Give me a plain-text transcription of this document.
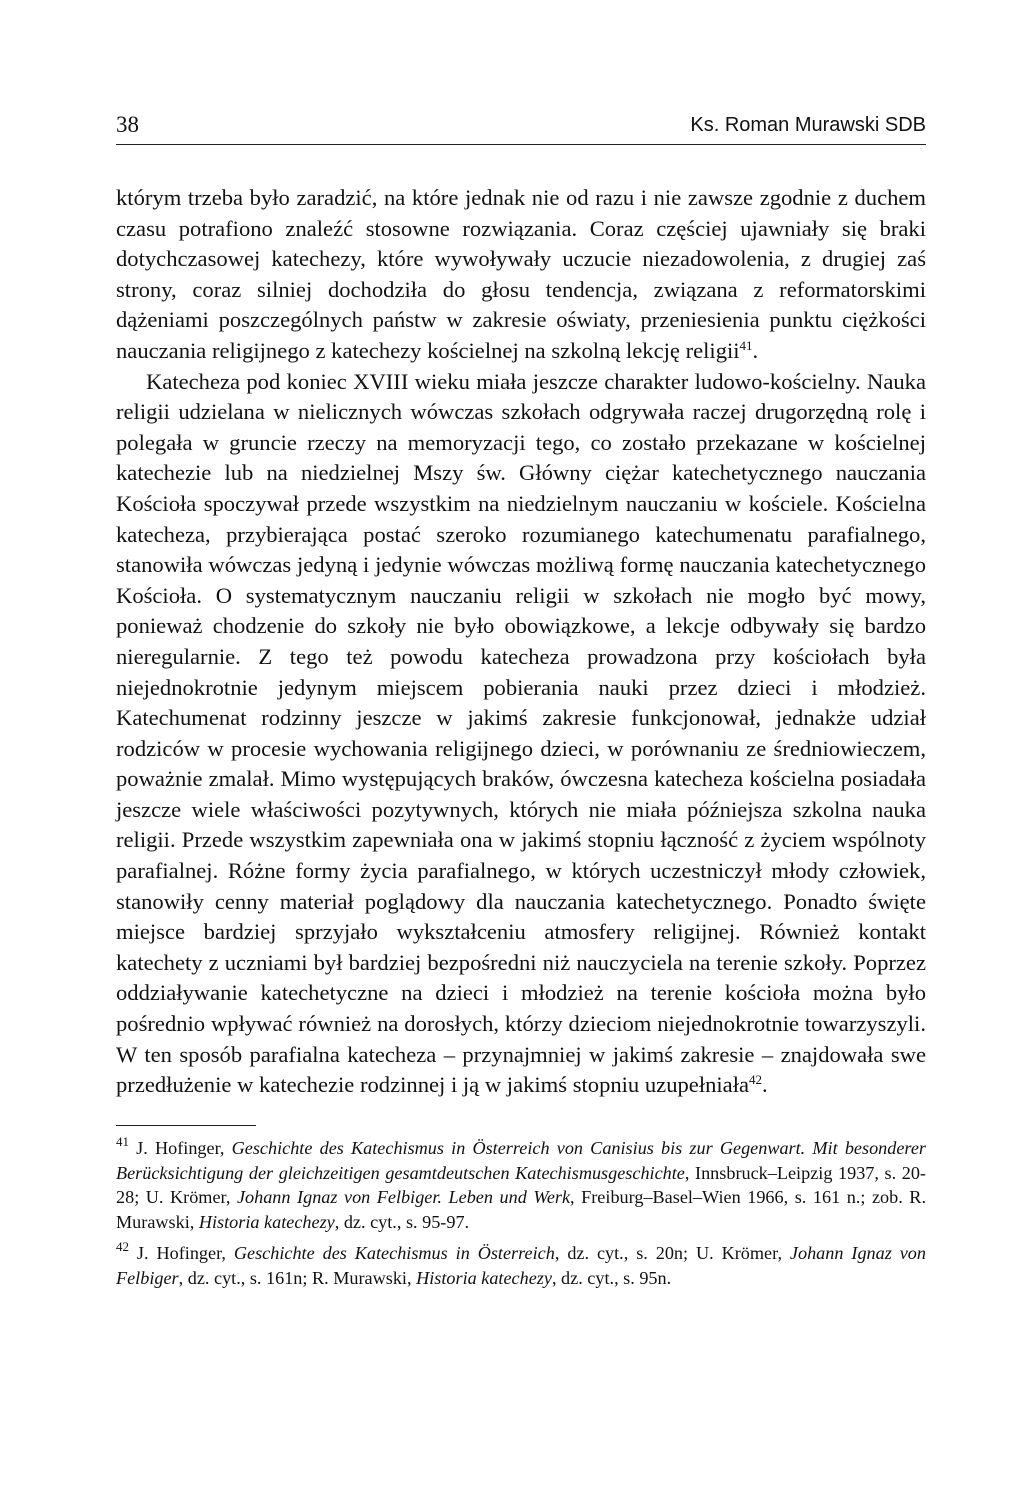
38	Ks. Roman Murawski SDB

którym trzeba było zaradzić, na które jednak nie od razu i nie zawsze zgodnie z duchem czasu potrafiono znaleźć stosowne rozwiązania. Coraz częściej ujawniały się braki dotychczasowej katechezy, które wywoływały uczucie niezadowolenia, z drugiej zaś strony, coraz silniej dochodziła do głosu tendencja, związana z reformatorskimi dążeniami poszczególnych państw w zakresie oświaty, przeniesienia punktu ciężkości nauczania religijnego z katechezy kościelnej na szkolną lekcję religii$^{41}$.

Katecheza pod koniec XVIII wieku miała jeszcze charakter ludowo-kościelny. Nauka religii udzielana w nielicznych wówczas szkołach odgrywała raczej drugorzędną rolę i polegała w gruncie rzeczy na memoryzacji tego, co zostało przekazane w kościelnej katechezie lub na niedzielnej Mszy św. Główny ciężar katechetycznego nauczania Kościoła spoczywał przede wszystkim na niedzielnym nauczaniu w kościele. Kościelna katecheza, przybierająca postać szeroko rozumianego katechumenatu parafialnego, stanowiła wówczas jedyną i jedynie wówczas możliwą formę nauczania katechetycznego Kościoła. O systematycznym nauczaniu religii w szkołach nie mogło być mowy, ponieważ chodzenie do szkoły nie było obowiązkowe, a lekcje odbywały się bardzo nieregularnie. Z tego też powodu katecheza prowadzona przy kościołach była niejednokrotnie jedynym miejscem pobierania nauki przez dzieci i młodzież. Katechumenat rodzinny jeszcze w jakimś zakresie funkcjonował, jednakże udział rodziców w procesie wychowania religijnego dzieci, w porównaniu ze średniowieczem, poważnie zmalał. Mimo występujących braków, ówczesna katecheza kościelna posiadała jeszcze wiele właściwości pozytywnych, których nie miała późniejsza szkolna nauka religii. Przede wszystkim zapewniała ona w jakimś stopniu łączność z życiem wspólnoty parafialnej. Różne formy życia parafialnego, w których uczestniczył młody człowiek, stanowiły cenny materiał poglądowy dla nauczania katechetycznego. Ponadto święte miejsce bardziej sprzyjało wykształceniu atmosfery religijnej. Również kontakt katechety z uczniami był bardziej bezpośredni niż nauczyciela na terenie szkoły. Poprzez oddziaływanie katechetyczne na dzieci i młodzież na terenie kościoła można było pośrednio wpływać również na dorosłych, którzy dzieciom niejednokrotnie towarzyszyli. W ten sposób parafialna katecheza – przynajmniej w jakimś zakresie – znajdowała swe przedłużenie w katechezie rodzinnej i ją w jakimś stopniu uzupełniała$^{42}$.

$^{41}$ J. Hofinger, Geschichte des Katechismus in Österreich von Canisius bis zur Gegenwart. Mit besonderer Berücksichtigung der gleichzeitigen gesamtdeutschen Katechismusgeschichte, Innsbruck–Leipzig 1937, s. 20-28; U. Krömer, Johann Ignaz von Felbiger. Leben und Werk, Freiburg–Basel–Wien 1966, s. 161 n.; zob. R. Murawski, Historia katechezy, dz. cyt., s. 95-97.

$^{42}$ J. Hofinger, Geschichte des Katechismus in Österreich, dz. cyt., s. 20n; U. Krömer, Johann Ignaz von Felbiger, dz. cyt., s. 161n; R. Murawski, Historia katechezy, dz. cyt., s. 95n.
